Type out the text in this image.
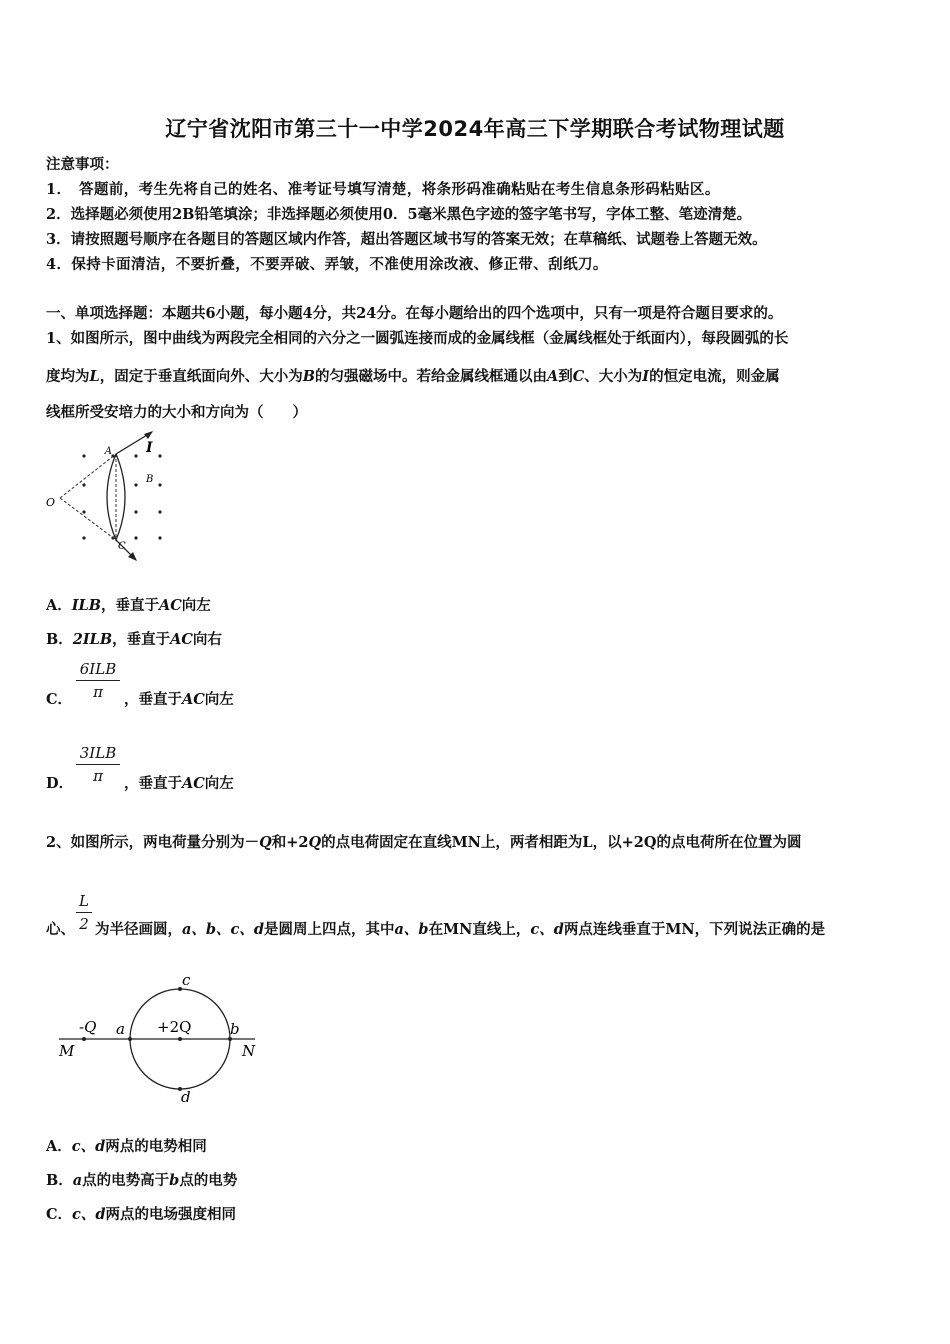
辽宁省沈阳市第三十一中学2024年高三下学期联合考试物理试题
注意事项：
1．　答题前，考生先将自己的姓名、准考证号填写清楚，将条形码准确粘贴在考生信息条形码粘贴区。
2．选择题必须使用2B铅笔填涂；非选择题必须使用0．5毫米黑色字迹的签字笔书写，字体工整、笔迹清楚。
3．请按照题号顺序在各题目的答题区域内作答，超出答题区域书写的答案无效；在草稿纸、试题卷上答题无效。
4．保持卡面清洁，不要折叠，不要弄破、弄皱，不准使用涂改液、修正带、刮纸刀。
一、单项选择题：本题共6小题，每小题4分，共24分。在每小题给出的四个选项中，只有一项是符合题目要求的。
1、如图所示，图中曲线为两段完全相同的六分之一圆弧连接而成的金属线框（金属线框处于纸面内），每段圆弧的长
度均为L，固定于垂直纸面向外、大小为B的匀强磁场中。若给金属线框通以由A到C、大小为I的恒定电流，则金属
线框所受安培力的大小和方向为（　　）
A I
B
O
C
A．ILB，垂直于AC向左
B．2ILB，垂直于AC向右
C．
6ILB
π	，垂直于AC向左
D．
3ILB
π	，垂直于AC向左
2、如图所示，两电荷量分别为－Q和+2Q的点电荷固定在直线MN上，两者相距为L，以+2Q的点电荷所在位置为圆
心、
L
2 为半径画圆，a、b、c、d是圆周上四点，其中a、b在MN直线上，c、d两点连线垂直于MN，下列说法正确的是
-Q	+2Q
a	b
c
d
M	N
A．c、d两点的电势相同
B．a点的电势高于b点的电势
C．c、d两点的电场强度相同
